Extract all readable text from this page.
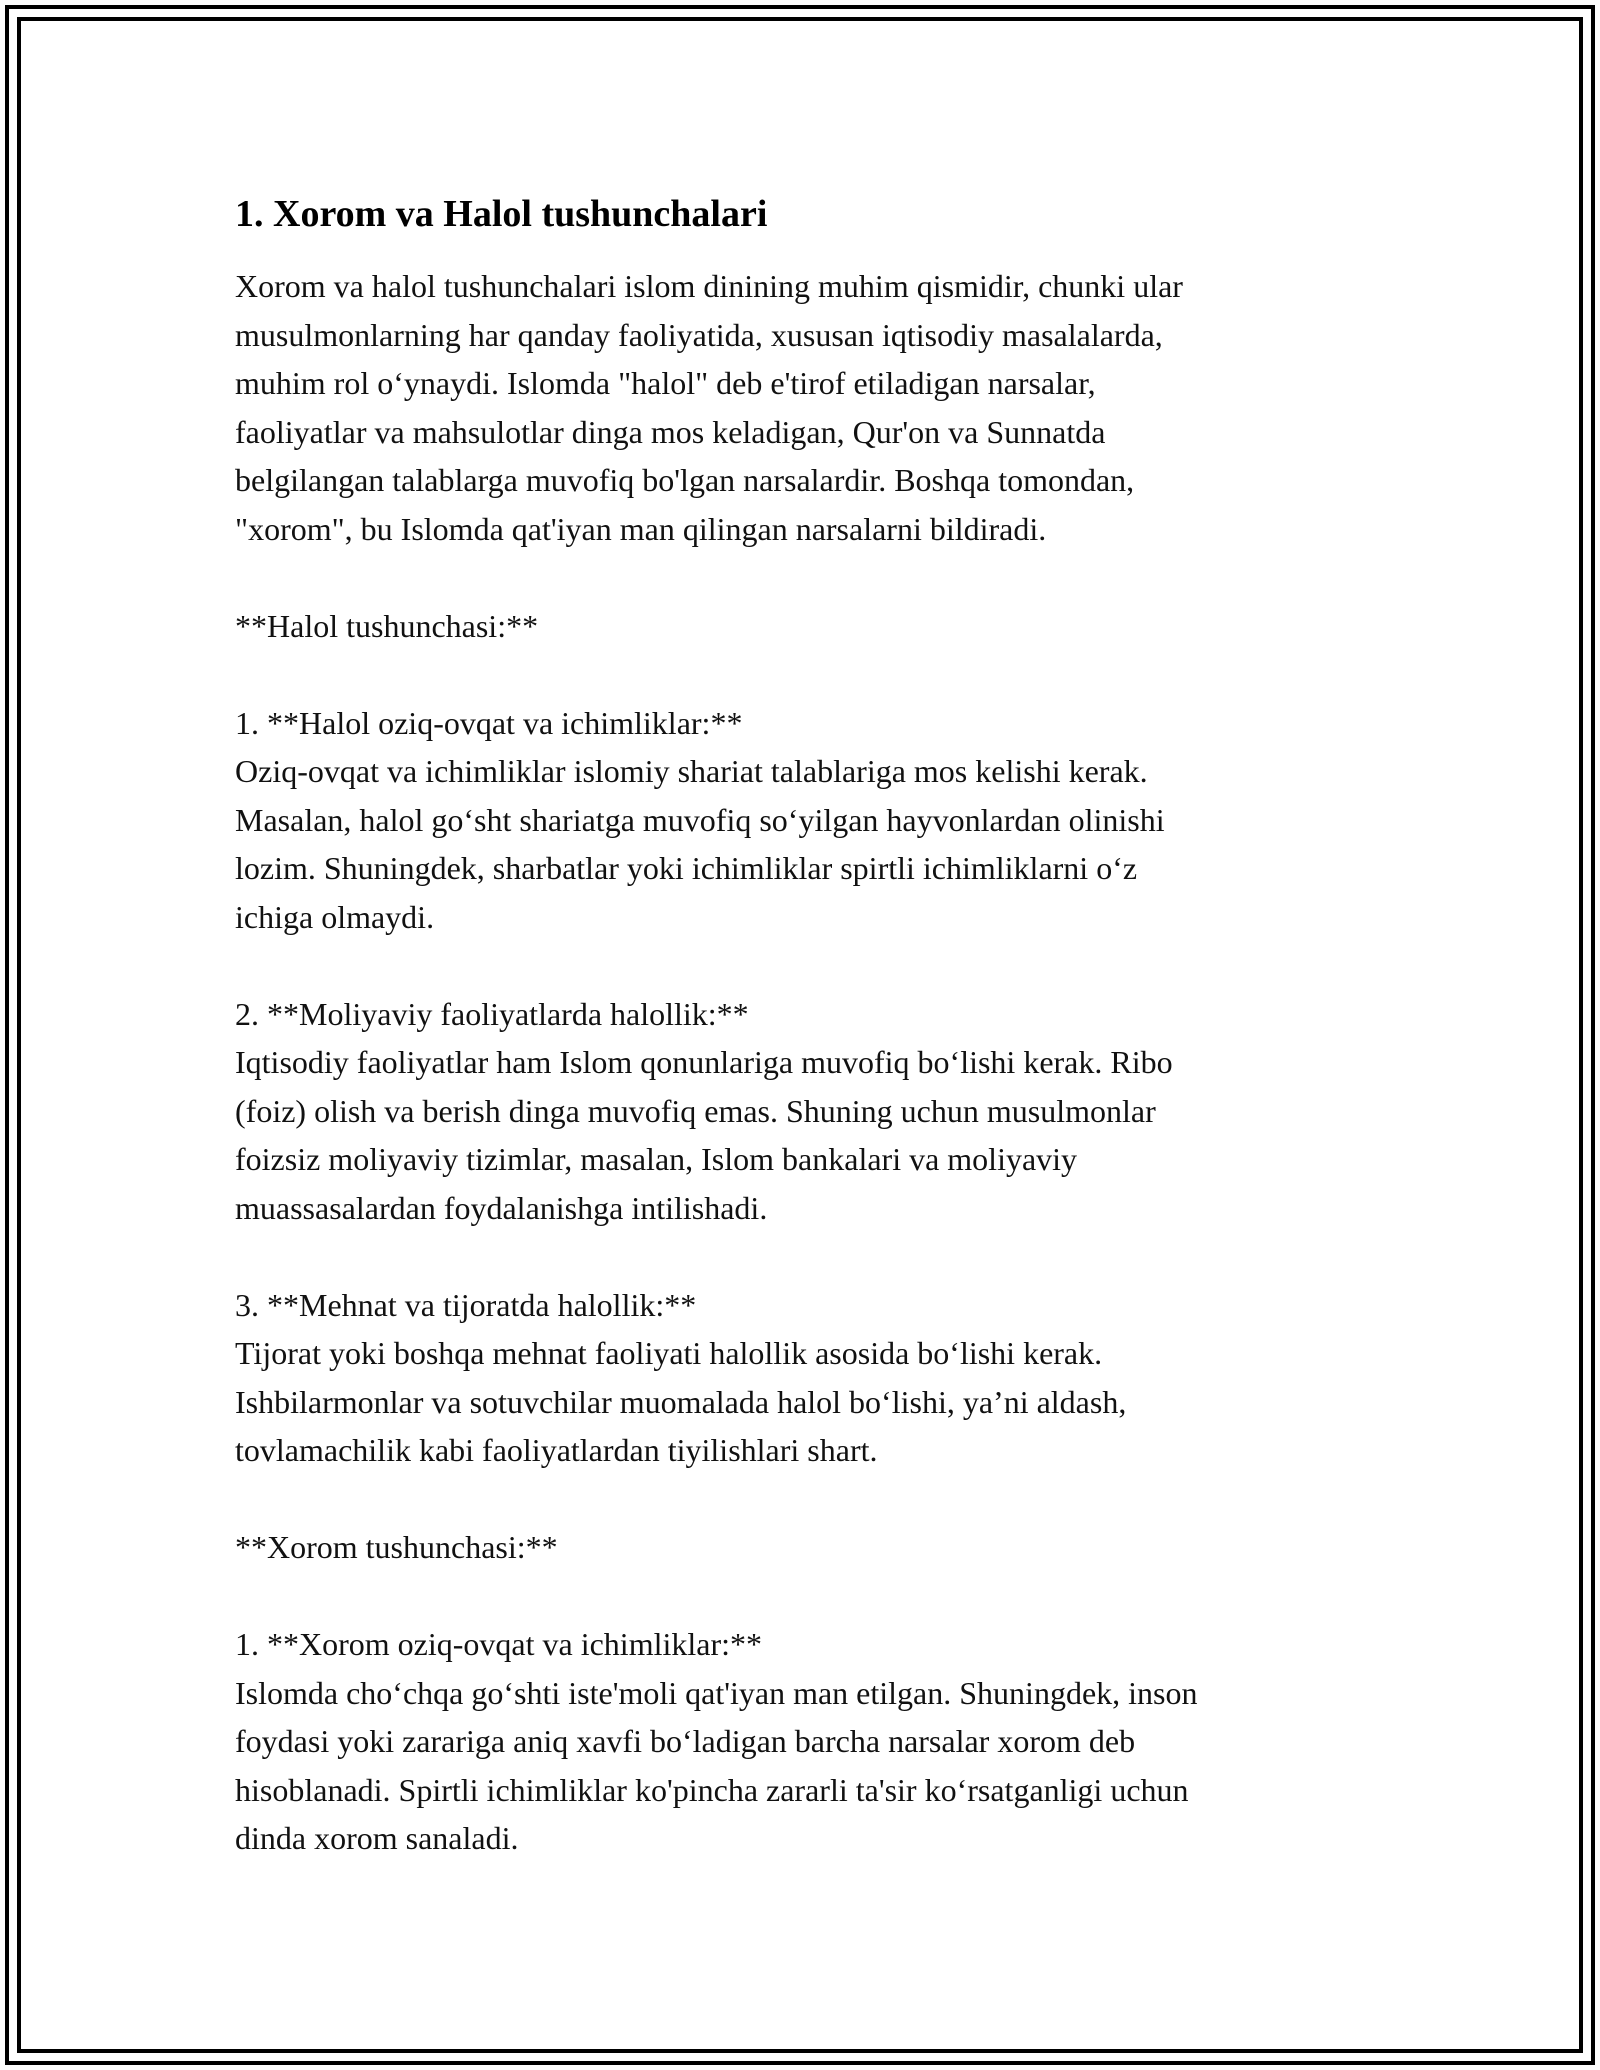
1. Xorom va Halol tushunchalari

Xorom va halol tushunchalari islom dinining muhim qismidir, chunki ular
musulmonlarning har qanday faoliyatida, xususan iqtisodiy masalalarda,
muhim rol o‘ynaydi. Islomda "halol" deb e'tirof etiladigan narsalar,
faoliyatlar va mahsulotlar dinga mos keladigan, Qur'on va Sunnatda
belgilangan talablarga muvofiq bo'lgan narsalardir. Boshqa tomondan,
"xorom", bu Islomda qat'iyan man qilingan narsalarni bildiradi.

**Halol tushunchasi:**

1. **Halol oziq-ovqat va ichimliklar:**

Oziq-ovqat va ichimliklar islomiy shariat talablariga mos kelishi kerak.
Masalan, halol go‘sht shariatga muvofiq so‘yilgan hayvonlardan olinishi
lozim. Shuningdek, sharbatlar yoki ichimliklar spirtli ichimliklarni o‘z
ichiga olmaydi.

2. **Moliyaviy faoliyatlarda halollik:**

Iqtisodiy faoliyatlar ham Islom qonunlariga muvofiq bo‘lishi kerak. Ribo
(foiz) olish va berish dinga muvofiq emas. Shuning uchun musulmonlar
foizsiz moliyaviy tizimlar, masalan, Islom bankalari va moliyaviy
muassasalardan foydalanishga intilishadi.

3. **Mehnat va tijoratda halollik:**

Tijorat yoki boshqa mehnat faoliyati halollik asosida bo‘lishi kerak.
Ishbilarmonlar va sotuvchilar muomalada halol bo‘lishi, ya’ni aldash,
tovlamachilik kabi faoliyatlardan tiyilishlari shart.

**Xorom tushunchasi:**

1. **Xorom oziq-ovqat va ichimliklar:**

Islomda cho‘chqa go‘shti iste'moli qat'iyan man etilgan. Shuningdek, inson
foydasi yoki zarariga aniq xavfi bo‘ladigan barcha narsalar xorom deb
hisoblanadi. Spirtli ichimliklar ko'pincha zararli ta'sir ko‘rsatganligi uchun
dinda xorom sanaladi.
